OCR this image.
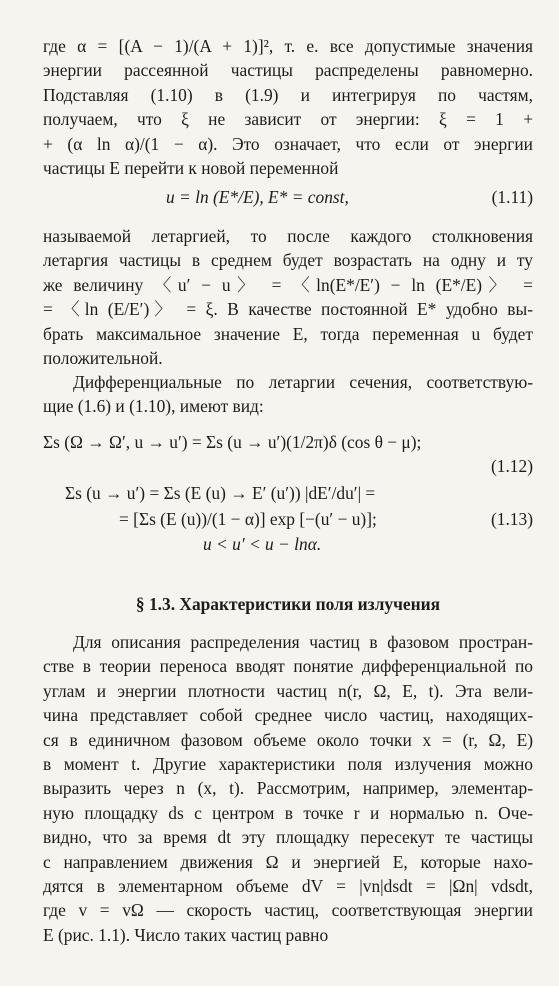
где α = [(A − 1)/(A + 1)]², т. е. все допустимые значения
энергии рассеянной частицы распределены равномерно.
Подставляя (1.10) в (1.9) и интегрируя по частям,
получаем, что ξ не зависит от энергии: ξ = 1 +
+ (α ln α)/(1 − α). Это означает, что если от энергии
частицы E перейти к новой переменной
u = ln (E*/E), E* = const,	(1.11)
называемой летаргией, то после каждого столкновения
летаргия частицы в среднем будет возрастать на одну и ту
же величину 〈u′ − u〉 = 〈ln(E*/E′) − ln (E*/E)〉 =
= 〈ln (E/E′)〉 = ξ. В качестве постоянной E* удобно вы-
брать максимальное значение E, тогда переменная u будет
положительной.
Дифференциальные по летаргии сечения, соответствую-
щие (1.6) и (1.10), имеют вид:
Σs (Ω → Ω′, u → u′) = Σs (u → u′)(1/2π)δ (cos θ − μ);
(1.12)
Σs (u → u′) = Σs (E (u) → E′ (u′)) |dE′/du′| =
= [Σs (E (u))/(1 − α)] exp [−(u′ − u)];	(1.13)
u < u′ < u − lnα.
§ 1.3. Характеристики поля излучения
Для описания распределения частиц в фазовом простран-
стве в теории переноса вводят понятие дифференциальной по
углам и энергии плотности частиц n(r, Ω, E, t). Эта вели-
чина представляет собой среднее число частиц, находящих-
ся в единичном фазовом объеме около точки x = (r, Ω, E)
в момент t. Другие характеристики поля излучения можно
выразить через n (x, t). Рассмотрим, например, элементар-
ную площадку ds с центром в точке r и нормалью n. Оче-
видно, что за время dt эту площадку пересекут те частицы
с направлением движения Ω и энергией E, которые нахо-
дятся в элементарном объеме dV = |vn|dsdt = |Ωn| vdsdt,
где v = vΩ — скорость частиц, соответствующая энергии
E (рис. 1.1). Число таких частиц равно
